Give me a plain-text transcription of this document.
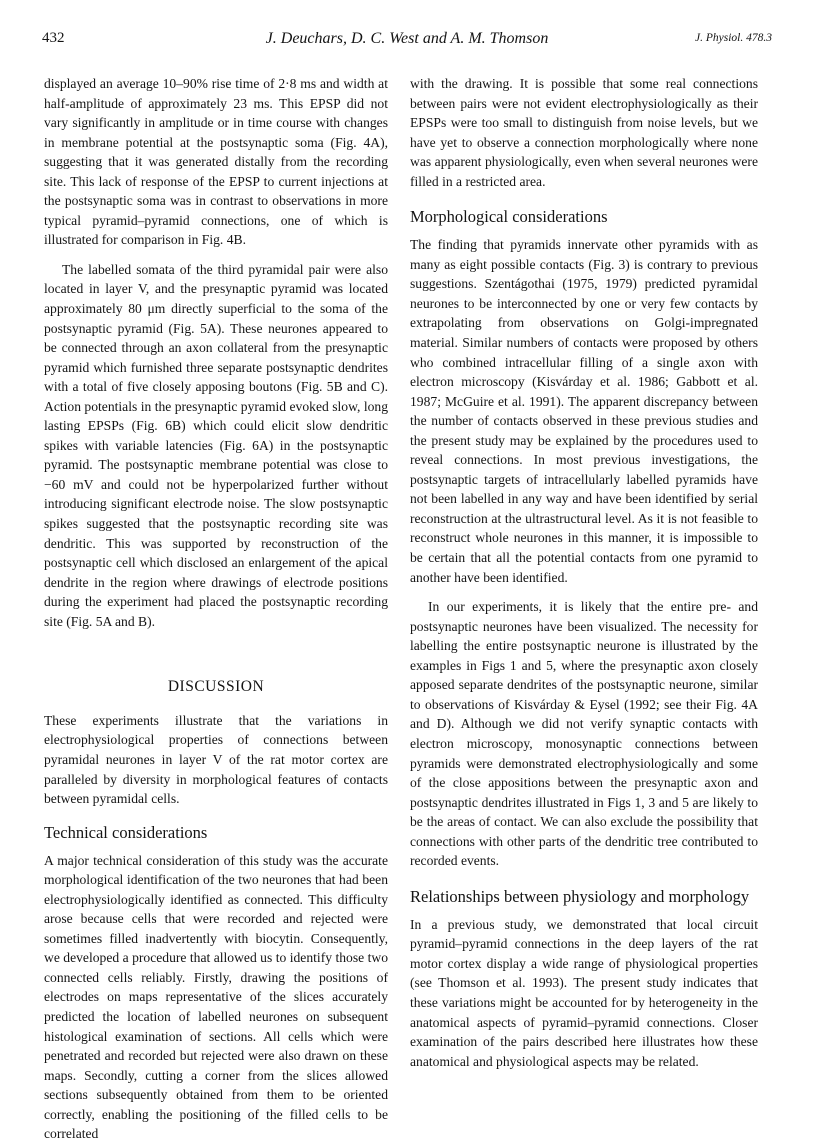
432	J. Deuchars, D. C. West and A. M. Thomson	J. Physiol. 478.3

displayed an average 10–90% rise time of 2·8 ms and width at half-amplitude of approximately 23 ms. This EPSP did not vary significantly in amplitude or in time course with changes in membrane potential at the postsynaptic soma (Fig. 4A), suggesting that it was generated distally from the recording site. This lack of response of the EPSP to current injections at the postsynaptic soma was in contrast to observations in more typical pyramid–pyramid connections, one of which is illustrated for comparison in Fig. 4B.

The labelled somata of the third pyramidal pair were also located in layer V, and the presynaptic pyramid was located approximately 80 μm directly superficial to the soma of the postsynaptic pyramid (Fig. 5A). These neurones appeared to be connected through an axon collateral from the presynaptic pyramid which furnished three separate postsynaptic dendrites with a total of five closely apposing boutons (Fig. 5B and C). Action potentials in the presynaptic pyramid evoked slow, long lasting EPSPs (Fig. 6B) which could elicit slow dendritic spikes with variable latencies (Fig. 6A) in the postsynaptic pyramid. The postsynaptic membrane potential was close to −60 mV and could not be hyperpolarized further without introducing significant electrode noise. The slow postsynaptic spikes suggested that the postsynaptic recording site was dendritic. This was supported by reconstruction of the postsynaptic cell which disclosed an enlargement of the apical dendrite in the region where drawings of electrode positions during the experiment had placed the postsynaptic recording site (Fig. 5A and B).

DISCUSSION

These experiments illustrate that the variations in electrophysiological properties of connections between pyramidal neurones in layer V of the rat motor cortex are paralleled by diversity in morphological features of contacts between pyramidal cells.

Technical considerations

A major technical consideration of this study was the accurate morphological identification of the two neurones that had been electrophysiologically identified as connected. This difficulty arose because cells that were recorded and rejected were sometimes filled inadvertently with biocytin. Consequently, we developed a procedure that allowed us to identify those two connected cells reliably. Firstly, drawing the positions of electrodes on maps representative of the slices accurately predicted the location of labelled neurones on subsequent histological examination of sections. All cells which were penetrated and recorded but rejected were also drawn on these maps. Secondly, cutting a corner from the slices allowed sections subsequently obtained from them to be oriented correctly, enabling the positioning of the filled cells to be correlated

with the drawing. It is possible that some real connections between pairs were not evident electrophysiologically as their EPSPs were too small to distinguish from noise levels, but we have yet to observe a connection morphologically where none was apparent physiologically, even when several neurones were filled in a restricted area.

Morphological considerations

The finding that pyramids innervate other pyramids with as many as eight possible contacts (Fig. 3) is contrary to previous suggestions. Szentágothai (1975, 1979) predicted pyramidal neurones to be interconnected by one or very few contacts by extrapolating from observations on Golgi-impregnated material. Similar numbers of contacts were proposed by others who combined intracellular filling of a single axon with electron microscopy (Kisvárday et al. 1986; Gabbott et al. 1987; McGuire et al. 1991). The apparent discrepancy between the number of contacts observed in these previous studies and the present study may be explained by the procedures used to reveal connections. In most previous investigations, the postsynaptic targets of intracellularly labelled pyramids have not been labelled in any way and have been identified by serial reconstruction at the ultrastructural level. As it is not feasible to reconstruct whole neurones in this manner, it is impossible to be certain that all the potential contacts from one pyramid to another have been identified.

In our experiments, it is likely that the entire pre- and postsynaptic neurones have been visualized. The necessity for labelling the entire postsynaptic neurone is illustrated by the examples in Figs 1 and 5, where the presynaptic axon closely apposed separate dendrites of the postsynaptic neurone, similar to observations of Kisvárday & Eysel (1992; see their Fig. 4A and D). Although we did not verify synaptic contacts with electron microscopy, monosynaptic connections between pyramids were demonstrated electrophysiologically and some of the close appositions between the presynaptic axon and postsynaptic dendrites illustrated in Figs 1, 3 and 5 are likely to be the areas of contact. We can also exclude the possibility that connections with other parts of the dendritic tree contributed to recorded events.

Relationships between physiology and morphology

In a previous study, we demonstrated that local circuit pyramid–pyramid connections in the deep layers of the rat motor cortex display a wide range of physiological properties (see Thomson et al. 1993). The present study indicates that these variations might be accounted for by heterogeneity in the anatomical aspects of pyramid–pyramid connections. Closer examination of the pairs described here illustrates how these anatomical and physiological aspects may be related.
